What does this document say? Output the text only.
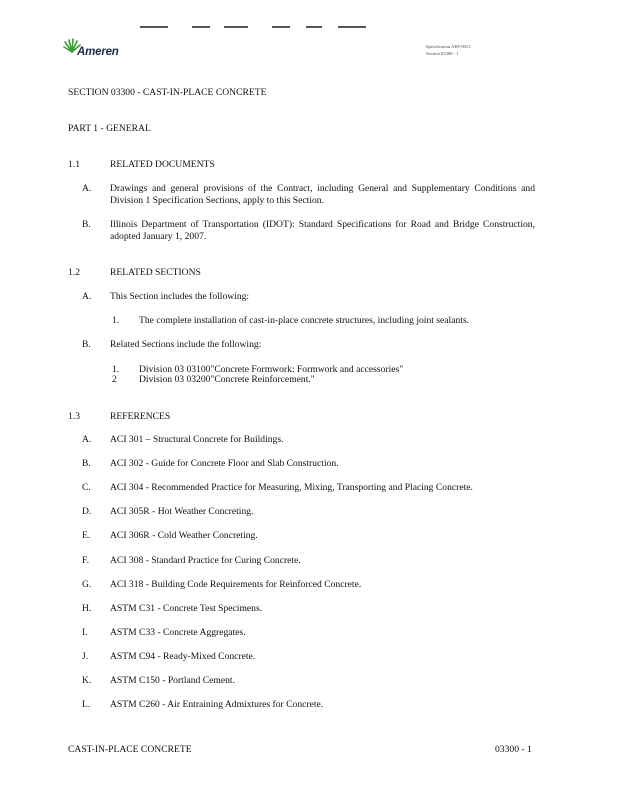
Ameren	Specification AEP-0013
Section 03300 - 1
SECTION 03300 - CAST-IN-PLACE CONCRETE
PART 1 - GENERAL
1.1	RELATED DOCUMENTS
A. Drawings and general provisions of the Contract, including General and Supplementary Conditions and Division 1 Specification Sections, apply to this Section.
B. Illinois Department of Transportation (IDOT): Standard Specifications for Road and Bridge Construction, adopted January 1, 2007.
1.2	RELATED SECTIONS
A. This Section includes the following:
1. The complete installation of cast-in-place concrete structures, including joint sealants.
B. Related Sections include the following:
1. Division 03 03100"Concrete Formwork: Formwork and accessories"
2 Division 03 03200"Concrete Reinforcement."
1.3	REFERENCES
A. ACI 301 – Structural Concrete for Buildings.
B. ACI 302 - Guide for Concrete Floor and Slab Construction.
C. ACI 304 - Recommended Practice for Measuring, Mixing, Transporting and Placing Concrete.
D. ACI 305R - Hot Weather Concreting.
E. ACI 306R - Cold Weather Concreting.
F. ACI 308 - Standard Practice for Curing Concrete.
G. ACI 318 - Building Code Requirements for Reinforced Concrete.
H. ASTM C31 - Concrete Test Specimens.
I. ASTM C33 - Concrete Aggregates.
J. ASTM C94 - Ready-Mixed Concrete.
K. ASTM C150 - Portland Cement.
L. ASTM C260 - Air Entraining Admixtures for Concrete.
CAST-IN-PLACE CONCRETE	03300 - 1
